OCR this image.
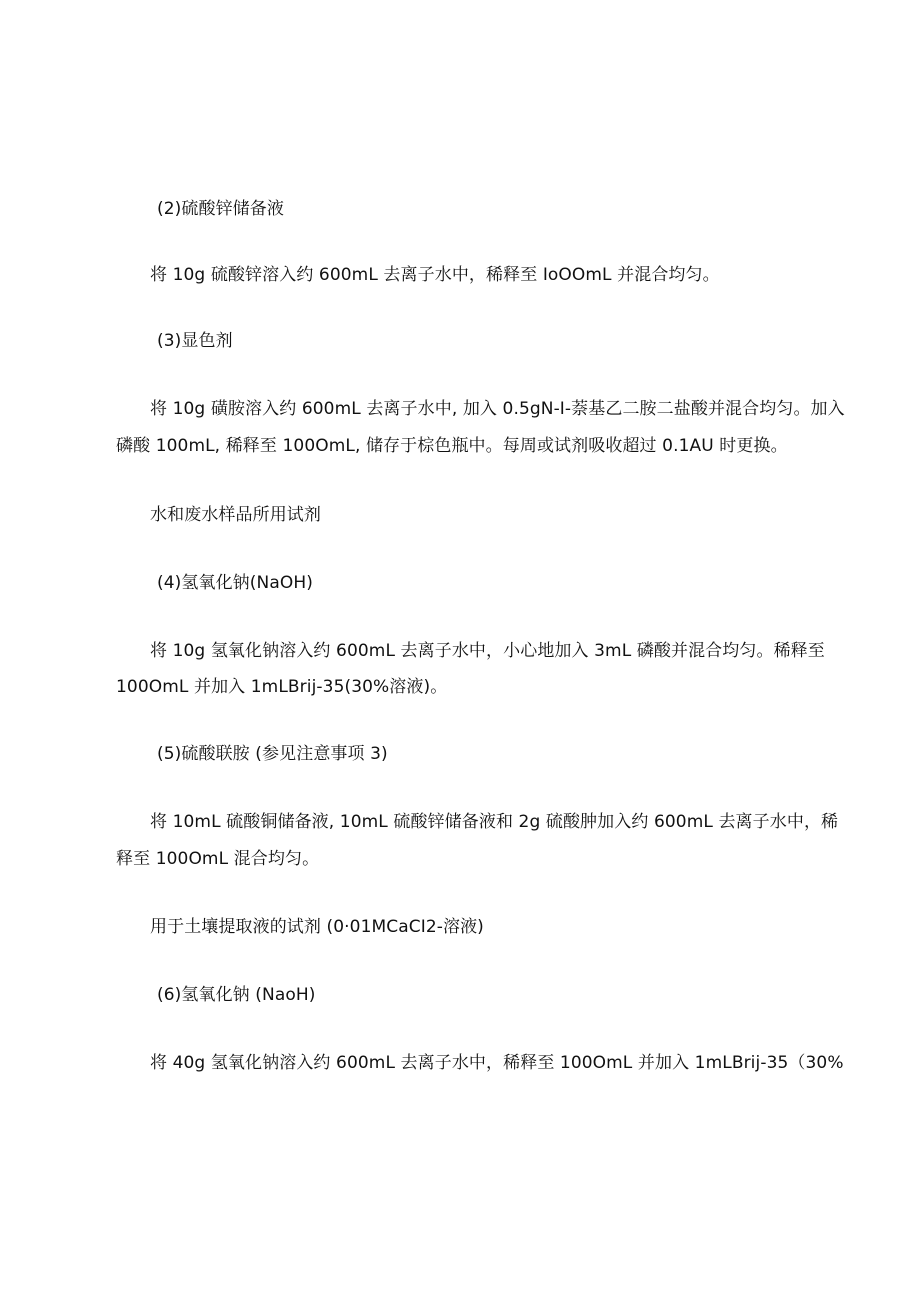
(2)硫酸锌储备液
将 10g 硫酸锌溶入约 600mL 去离子水中，稀释至 IoOOmL 并混合均匀。
(3)显色剂
将 10g 磺胺溶入约 600mL 去离子水中, 加入 0.5gN-I-萘基乙二胺二盐酸并混合均匀。加入
磷酸 100mL, 稀释至 100OmL, 储存于棕色瓶中。每周或试剂吸收超过 0.1AU 时更换。
水和废水样品所用试剂
(4)氢氧化钠(NaOH)
将 10g 氢氧化钠溶入约 600mL 去离子水中，小心地加入 3mL 磷酸并混合均匀。稀释至
100OmL 并加入 1mLBrij-35(30%溶液)。
(5)硫酸联胺 (参见注意事项 3)
将 10mL 硫酸铜储备液, 10mL 硫酸锌储备液和 2g 硫酸肿加入约 600mL 去离子水中，稀
释至 100OmL 混合均匀。
用于土壤提取液的试剂 (0·01MCaCI2-溶液)
(6)氢氧化钠 (NaoH)
将 40g 氢氧化钠溶入约 600mL 去离子水中，稀释至 100OmL 并加入 1mLBrij-35（30%
